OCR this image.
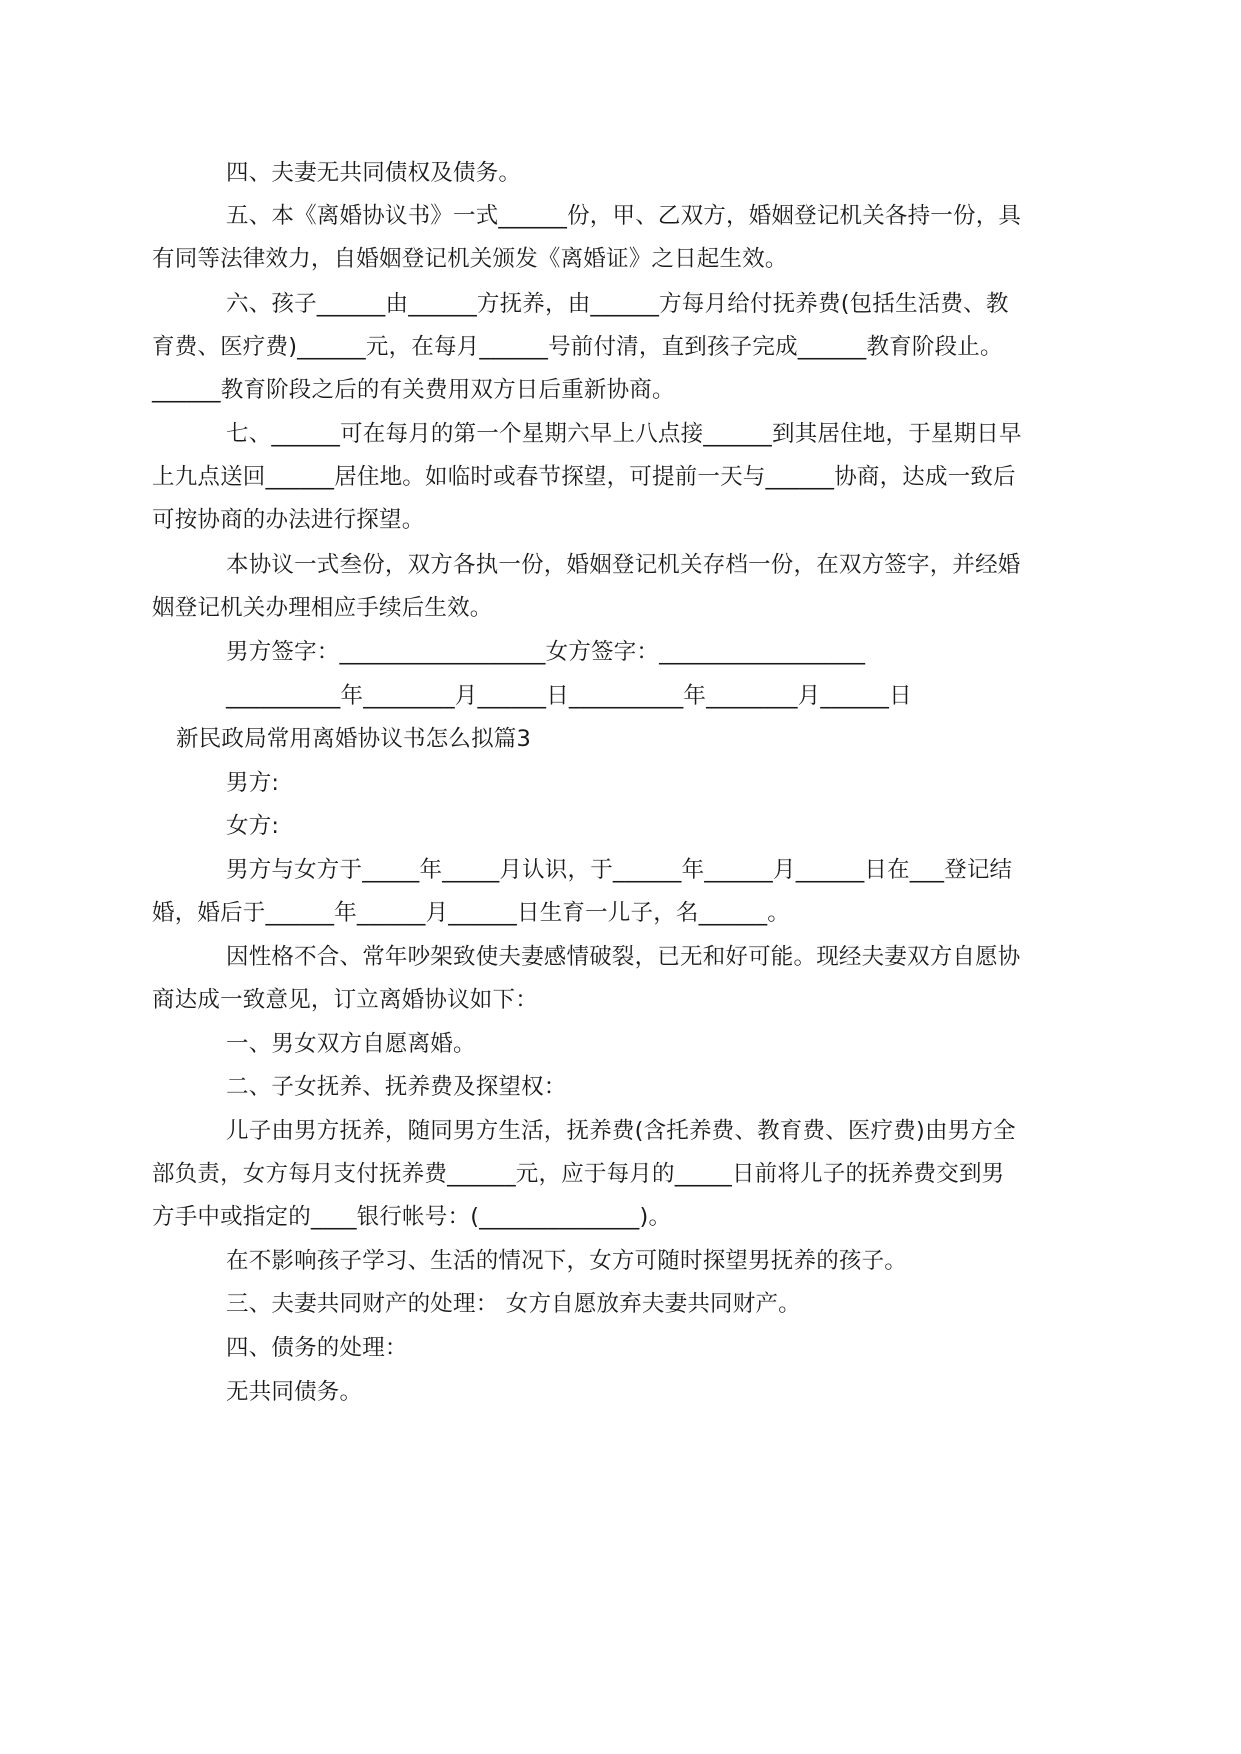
四、夫妻无共同债权及债务。
五、本《离婚协议书》一式______份，甲、乙双方，婚姻登记机关各持一份，具
有同等法律效力，自婚姻登记机关颁发《离婚证》之日起生效。
六、孩子______由______方抚养，由______方每月给付抚养费(包括生活费、教
育费、医疗费)______元，在每月______号前付清，直到孩子完成______教育阶段止。
______教育阶段之后的有关费用双方日后重新协商。
七、______可在每月的第一个星期六早上八点接______到其居住地，于星期日早
上九点送回______居住地。如临时或春节探望，可提前一天与______协商，达成一致后
可按协商的办法进行探望。
本协议一式叁份，双方各执一份，婚姻登记机关存档一份，在双方签字，并经婚
姻登记机关办理相应手续后生效。
男方签字：__________________女方签字：__________________
__________年________月______日__________年________月______日
新民政局常用离婚协议书怎么拟篇3
男方:
女方:
男方与女方于_____年_____月认识，于______年______月______日在___登记结
婚，婚后于______年______月______日生育一儿子，名______。
因性格不合、常年吵架致使夫妻感情破裂，已无和好可能。现经夫妻双方自愿协
商达成一致意见，订立离婚协议如下：
一、男女双方自愿离婚。
二、子女抚养、抚养费及探望权：
儿子由男方抚养，随同男方生活，抚养费(含托养费、教育费、医疗费)由男方全
部负责，女方每月支付抚养费______元，应于每月的_____日前将儿子的抚养费交到男
方手中或指定的____银行帐号：(______________)。
在不影响孩子学习、生活的情况下，女方可随时探望男抚养的孩子。
三、夫妻共同财产的处理： 女方自愿放弃夫妻共同财产。
四、债务的处理：
无共同债务。
